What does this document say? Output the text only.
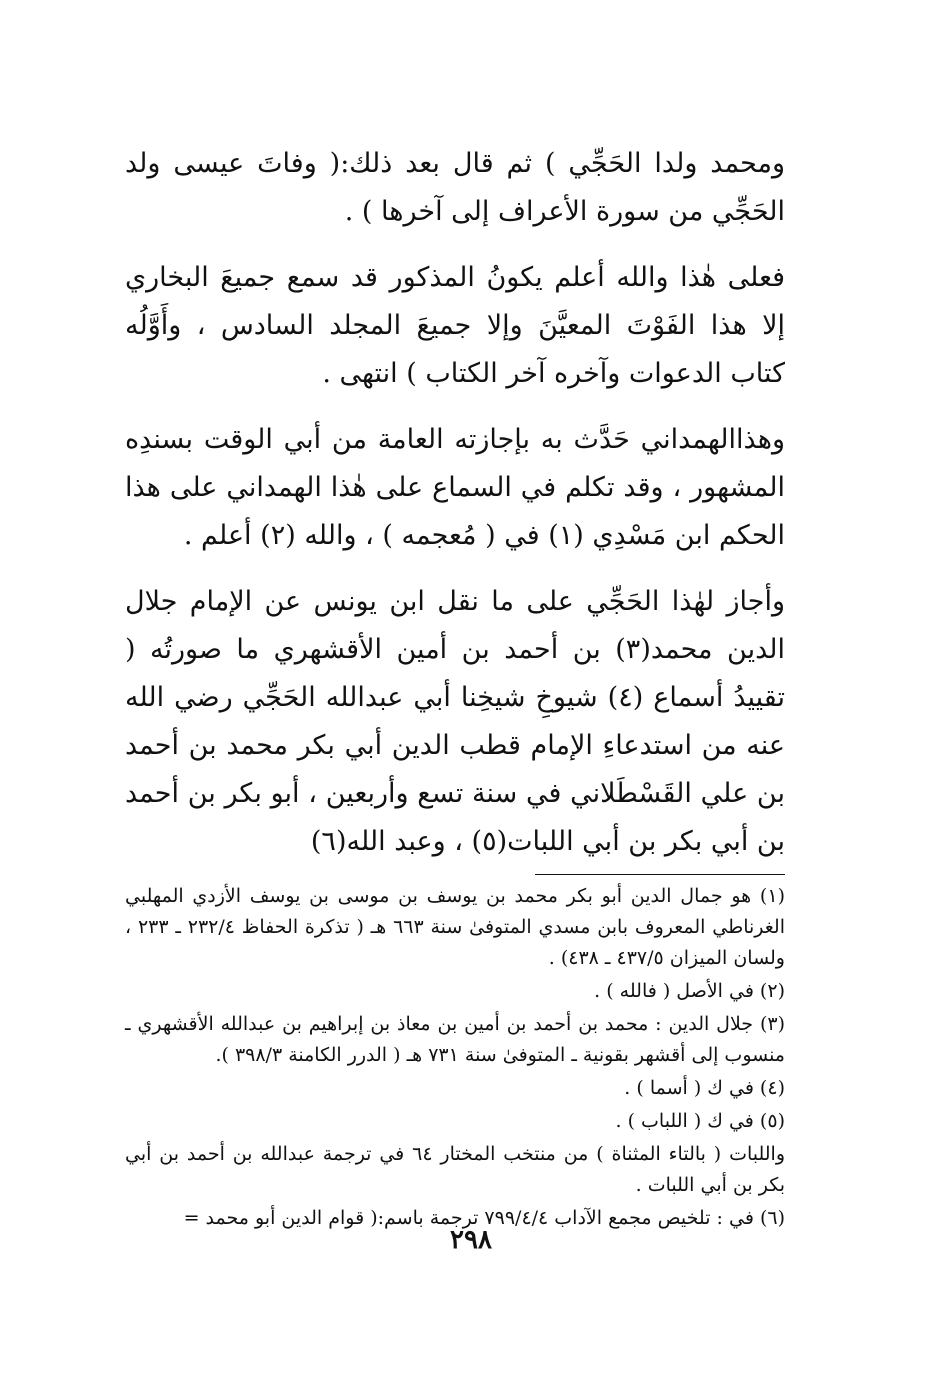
ومحمد ولدا الحَجِّي ) ثم قال بعد ذلك:( وفاتَ عيسى ولد الحَجِّي من سورة الأعراف إلى آخرها ) .

فعلى هٰذا والله أعلم يكونُ المذكور قد سمع جميعَ البخاري إلا هذا الفَوْتَ المعيَّنَ وإلا جميعَ المجلد السادس ، وأَوَّلُه كتاب الدعوات وآخره آخر الكتاب ) انتهى .

وهذاالهمداني حَدَّث به بإجازته العامة من أبي الوقت بسندِه المشهور ، وقد تكلم في السماع على هٰذا الهمداني على هذا الحكم ابن مَسْدِي (١) في ( مُعجمه ) ، والله (٢) أعلم .

وأجاز لهٰذا الحَجِّي على ما نقل ابن يونس عن الإمام جلال الدين محمد(٣) بن أحمد بن أمين الأقشهري ما صورتُه ( تقييدُ أسماع (٤) شيوخِ شيخِنا أبي عبدالله الحَجِّي رضي الله عنه من استدعاءِ الإمام قطب الدين أبي بكر محمد بن أحمد بن علي القَسْطَلاني في سنة تسع وأربعين ، أبو بكر بن أحمد بن أبي بكر بن أبي اللبات(٥) ، وعبد الله(٦)

(١) هو جمال الدين أبو بكر محمد بن يوسف بن موسى بن يوسف الأزدي المهلبي الغرناطي المعروف بابن مسدي المتوفىٰ سنة ٦٦٣ هـ ( تذكرة الحفاظ ٢٣٢/٤ ـ ٢٣٣ ، ولسان الميزان ٤٣٧/٥ ـ ٤٣٨) .
(٢) في الأصل ( فالله ) .
(٣) جلال الدين : محمد بن أحمد بن أمين بن معاذ بن إبراهيم بن عبدالله الأقشهري ـ منسوب إلى أقشهر بقونية ـ المتوفىٰ سنة ٧٣١ هـ ( الدرر الكامنة ٣٩٨/٣ ).
(٤) في ك ( أسما ) .
(٥) في ك ( اللباب ) .
واللبات ( بالتاء المثناة ) من منتخب المختار ٦٤ في ترجمة عبدالله بن أحمد بن أبي بكر بن أبي اللبات .
(٦) في : تلخيص مجمع الآداب ٧٩٩/٤/٤ ترجمة باسم:( قوام الدين أبو محمد =
٢٩٨
